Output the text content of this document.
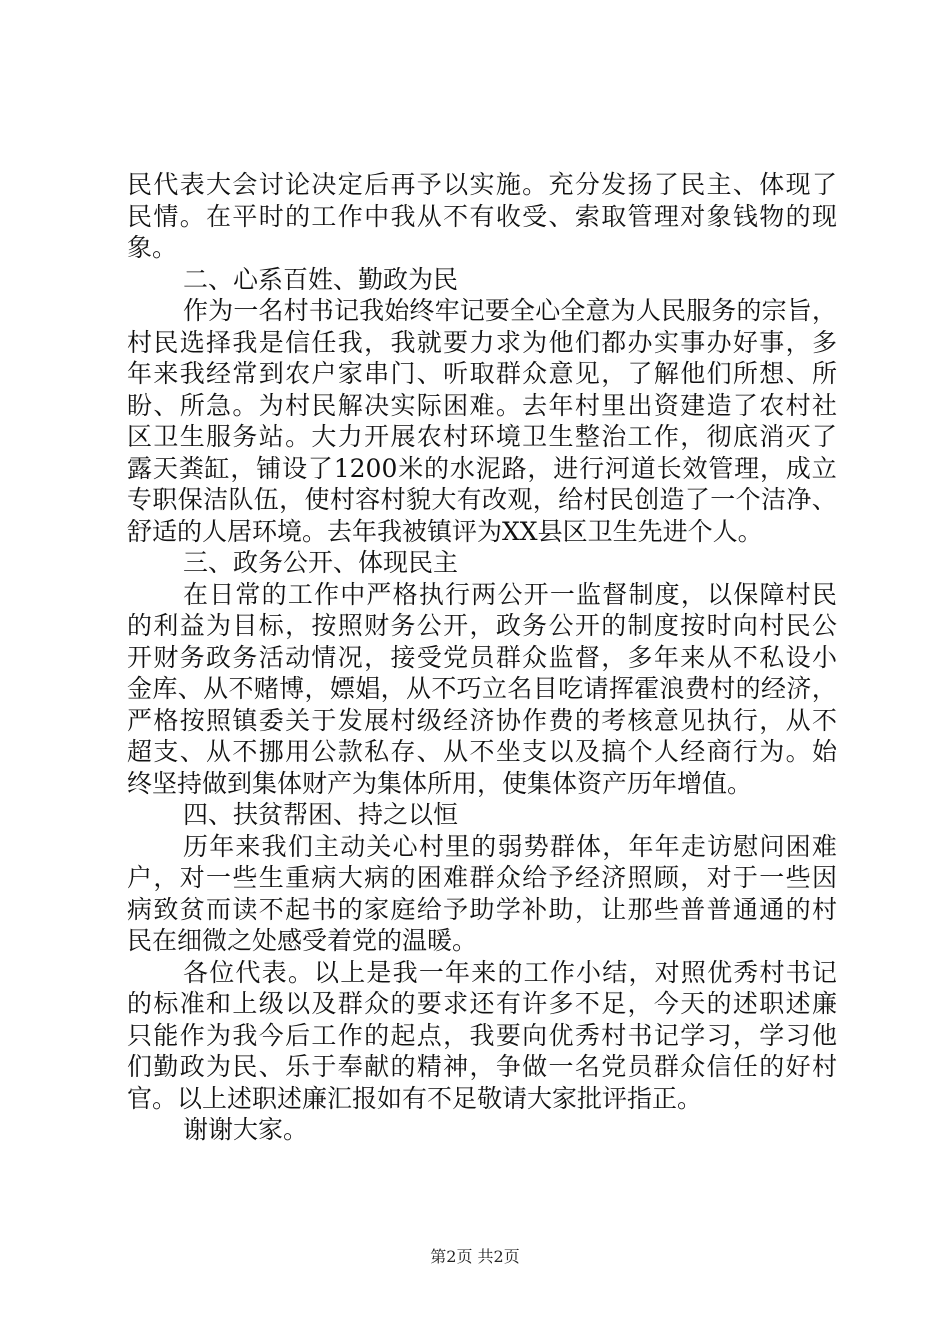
民 代 表 大 会 讨 论 决 定 后 再 予 以 实 施 。 充 分 发 扬 了 民 主 、 体 现 了
民 情 。 在 平 时 的 工 作 中 我 从 不 有 收 受 、 索 取 管 理 对 象 钱 物 的 现
象。
二、心系百姓、勤政为民
作 为 一 名 村 书 记 我 始 终 牢 记 要 全 心 全 意 为 人 民 服 务 的 宗 旨 ，
村 民 选 择 我 是 信 任 我 ， 我 就 要 力 求 为 他 们 都 办 实 事 办 好 事 ， 多
年 来 我 经 常 到 农 户 家 串 门 、 听 取 群 众 意 见 ， 了 解 他 们 所 想 、 所
盼 、 所 急 。 为 村 民 解 决 实 际 困 难 。 去 年 村 里 出 资 建 造 了 农 村 社
区 卫 生 服 务 站 。 大 力 开 展 农 村 环 境 卫 生 整 治 工 作 ， 彻 底 消 灭 了
露 天 粪 缸 ， 铺 设 了 1200 米 的 水 泥 路 ， 进 行 河 道 长 效 管 理 ， 成 立
专 职 保 洁 队 伍 ， 使 村 容 村 貌 大 有 改 观 ， 给 村 民 创 造 了 一 个 洁 净 、
舒适的人居环境。去年我被镇评为XX县区卫生先进个人。
三、政务公开、体现民主
在 日 常 的 工 作 中 严 格 执 行 两 公 开 一 监 督 制 度 ， 以 保 障 村 民
的 利 益 为 目 标 ， 按 照 财 务 公 开 ， 政 务 公 开 的 制 度 按 时 向 村 民 公
开 财 务 政 务 活 动 情 况 ， 接 受 党 员 群 众 监 督 ， 多 年 来 从 不 私 设 小
金 库 、 从 不 赌 博 ， 嫖 娼 ， 从 不 巧 立 名 目 吃 请 挥 霍 浪 费 村 的 经 济 ，
严 格 按 照 镇 委 关 于 发 展 村 级 经 济 协 作 费 的 考 核 意 见 执 行 ， 从 不
超 支 、 从 不 挪 用 公 款 私 存 、 从 不 坐 支 以 及 搞 个 人 经 商 行 为 。 始
终坚持做到集体财产为集体所用，使集体资产历年增值。
四、扶贫帮困、持之以恒
历 年 来 我 们 主 动 关 心 村 里 的 弱 势 群 体 ， 年 年 走 访 慰 问 困 难
户 ， 对 一 些 生 重 病 大 病 的 困 难 群 众 给 予 经 济 照 顾 ， 对 于 一 些 因
病 致 贫 而 读 不 起 书 的 家 庭 给 予 助 学 补 助 ， 让 那 些 普 普 通 通 的 村
民在细微之处感受着党的温暖。
各 位 代 表 。 以 上 是 我 一 年 来 的 工 作 小 结 ， 对 照 优 秀 村 书 记
的 标 准 和 上 级 以 及 群 众 的 要 求 还 有 许 多 不 足 ， 今 天 的 述 职 述 廉
只 能 作 为 我 今 后 工 作 的 起 点 ， 我 要 向 优 秀 村 书 记 学 习 ， 学 习 他
们 勤 政 为 民 、 乐 于 奉 献 的 精 神 ， 争 做 一 名 党 员 群 众 信 任 的 好 村
官。以上述职述廉汇报如有不足敬请大家批评指正。
谢谢大家。
第2页 共2页
